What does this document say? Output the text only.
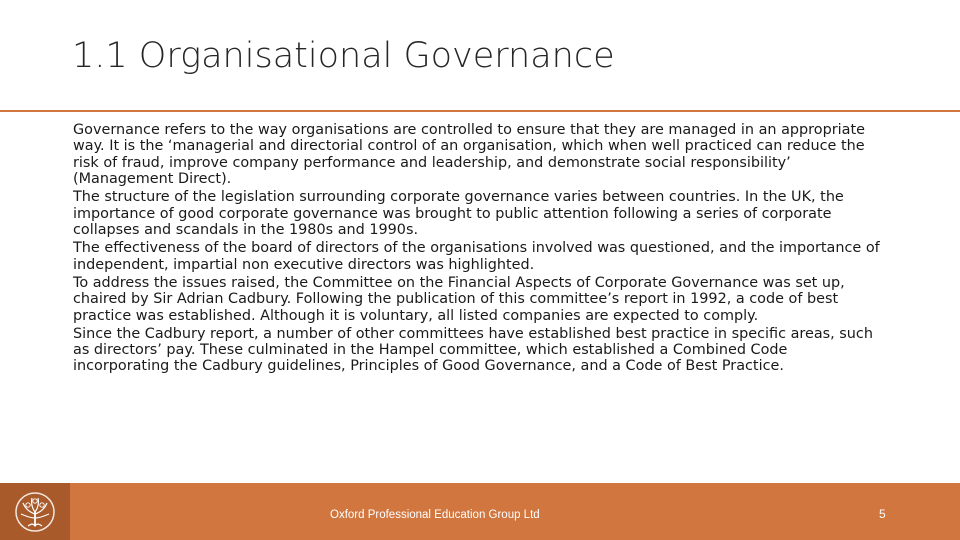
1.1 Organisational Governance

Governance refers to the way organisations are controlled to ensure that they are managed in an appropriate way. It is the ‘managerial and directorial control of an organisation, which when well practiced can reduce the risk of fraud, improve company performance and leadership, and demonstrate social responsibility’ (Management Direct).

The structure of the legislation surrounding corporate governance varies between countries. In the UK, the importance of good corporate governance was brought to public attention following a series of corporate collapses and scandals in the 1980s and 1990s.

The effectiveness of the board of directors of the organisations involved was questioned, and the importance of independent, impartial non executive directors was highlighted.

To address the issues raised, the Committee on the Financial Aspects of Corporate Governance was set up, chaired by Sir Adrian Cadbury. Following the publication of this committee’s report in 1992, a code of best practice was established. Although it is voluntary, all listed companies are expected to comply.

Since the Cadbury report, a number of other committees have established best practice in specific areas, such as directors’ pay. These culminated in the Hampel committee, which established a Combined Code incorporating the Cadbury guidelines, Principles of Good Governance, and a Code of Best Practice.

Oxford Professional Education Group Ltd	5
